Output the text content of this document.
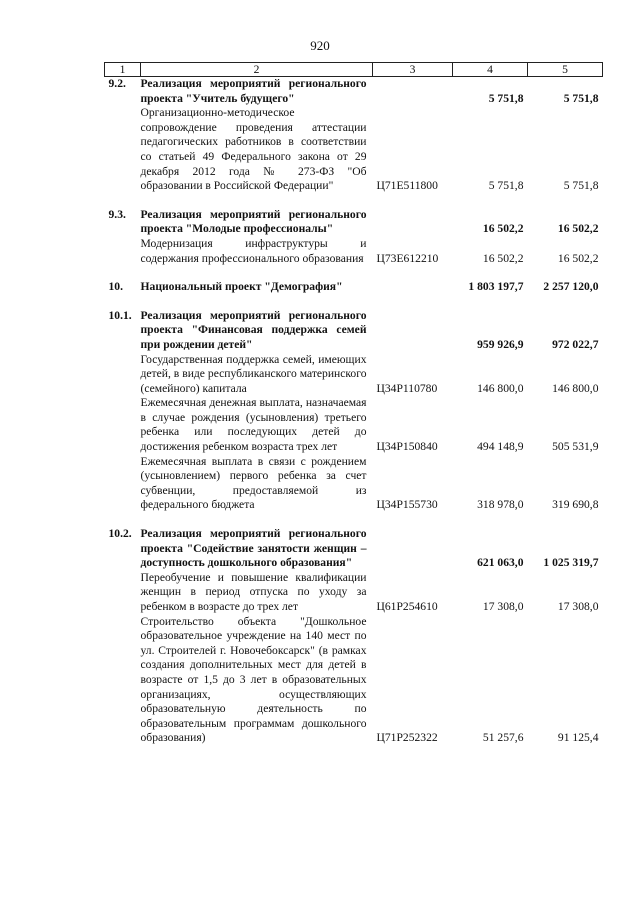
920
1	2	3	4	5
9.2.	Реализация мероприятий регионального проекта "Учитель будущего"		5 751,8	5 751,8
	Организационно-методическое сопровождение проведения аттестации педагогических работников в соответствии со статьей 49 Федерального закона от 29 декабря 2012 года № 273-ФЗ "Об образовании в Российской Федерации"	Ц71Е511800	5 751,8	5 751,8

9.3.	Реализация мероприятий регионального проекта "Молодые профессионалы"		16 502,2	16 502,2
	Модернизация инфраструктуры и содержания профессионального образования	Ц73Е612210	16 502,2	16 502,2

10.	Национальный проект "Демография"		1 803 197,7	2 257 120,0

10.1.	Реализация мероприятий регионального проекта "Финансовая поддержка семей при рождении детей"		959 926,9	972 022,7
	Государственная поддержка семей, имеющих детей, в виде республиканского материнского (семейного) капитала	Ц34Р110780	146 800,0	146 800,0
	Ежемесячная денежная выплата, назначаемая в случае рождения (усыновления) третьего ребенка или последующих детей до достижения ребенком возраста трех лет	Ц34Р150840	494 148,9	505 531,9
	Ежемесячная выплата в связи с рождением (усыновлением) первого ребенка за счет субвенции, предоставляемой из федерального бюджета	Ц34Р155730	318 978,0	319 690,8

10.2.	Реализация мероприятий регионального проекта "Содействие занятости женщин – доступность дошкольного образования"		621 063,0	1 025 319,7
	Переобучение и повышение квалификации женщин в период отпуска по уходу за ребенком в возрасте до трех лет	Ц61Р254610	17 308,0	17 308,0
	Строительство объекта "Дошкольное образовательное учреждение на 140 мест по ул. Строителей г. Новочебоксарск" (в рамках создания дополнительных мест для детей в возрасте от 1,5 до 3 лет в образовательных организациях, осуществляющих образовательную деятельность по образовательным программам дошкольного образования)	Ц71Р252322	51 257,6	91 125,4
